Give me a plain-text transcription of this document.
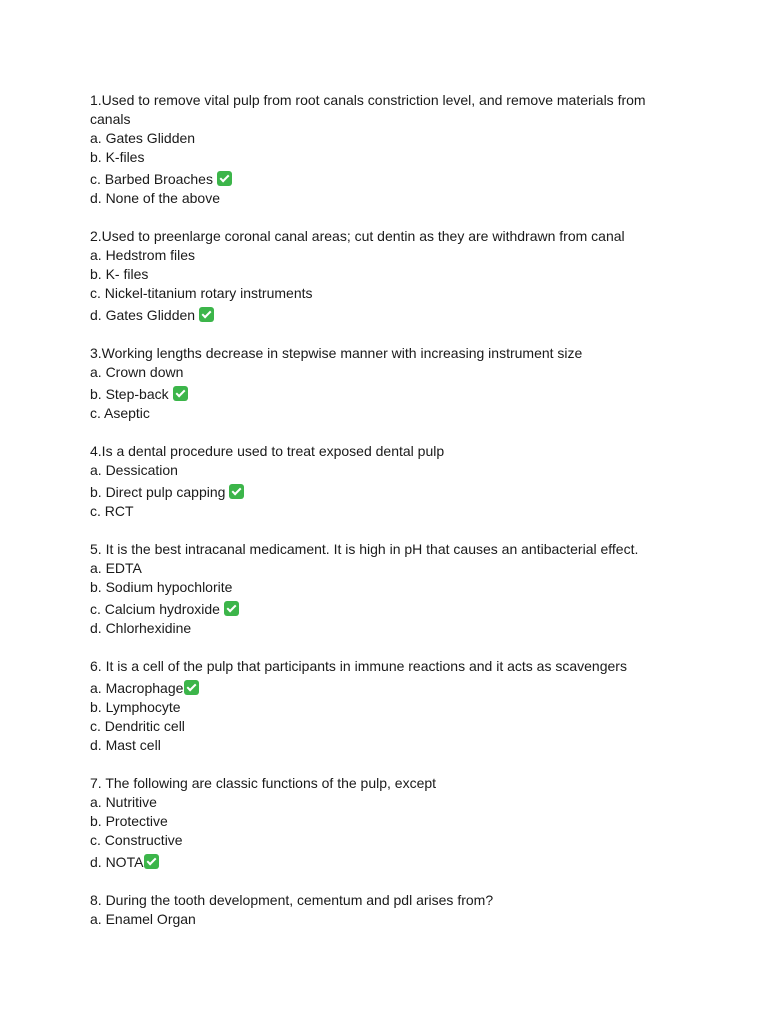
1.Used to remove vital pulp from root canals constriction level, and remove materials from canals

a. Gates Glidden

b. K-files

c. Barbed Broaches

d. None of the above

2.Used to preenlarge coronal canal areas; cut dentin as they are withdrawn from canal

a. Hedstrom files

b. K- files

c. Nickel-titanium rotary instruments

d. Gates Glidden

3.Working lengths decrease in stepwise manner with increasing instrument size

a. Crown down

b. Step-back

c. Aseptic

4.Is a dental procedure used to treat exposed dental pulp

a. Dessication

b. Direct pulp capping

c. RCT

5. It is the best intracanal medicament. It is high in pH that causes an antibacterial effect.

a. EDTA

b. Sodium hypochlorite

c. Calcium hydroxide

d. Chlorhexidine

6. It is a cell of the pulp that participants in immune reactions and it acts as scavengers

a. Macrophage

b. Lymphocyte

c. Dendritic cell

d. Mast cell

7. The following are classic functions of the pulp, except

a. Nutritive

b. Protective

c. Constructive

d. NOTA

8. During the tooth development, cementum and pdl arises from?

a. Enamel Organ
